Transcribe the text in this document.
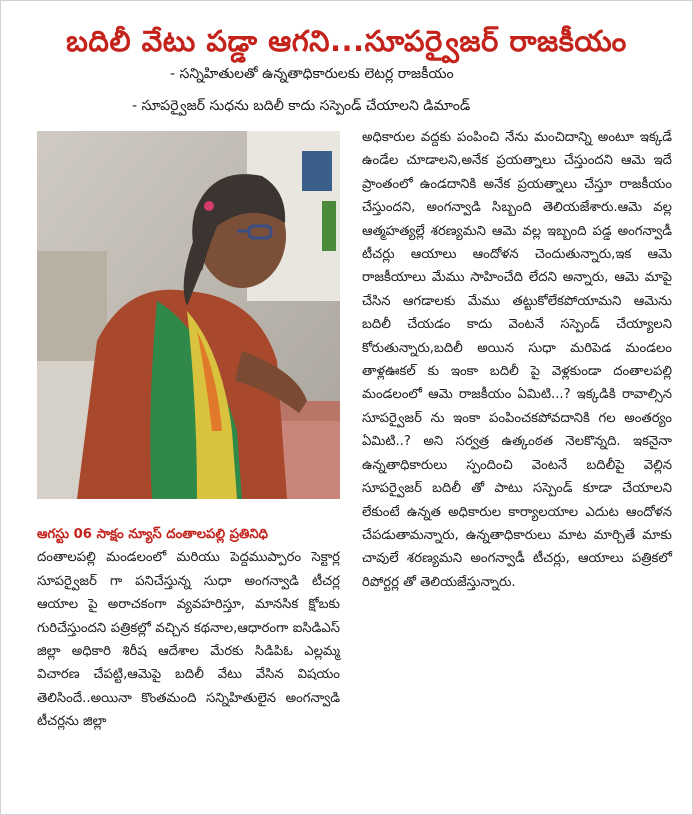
బదిలీ వేటు పడ్డా ఆగని...సూపర్వైజర్ రాజకీయం
- సన్నిహితులతో ఉన్నతాధికారులకు లెటర్ల రాజకీయం
- సూపర్వైజర్ సుధను బదిలీ కాదు సస్పెండ్ చేయాలని డిమాండ్

ఆగస్టు 06 సాక్షం న్యూస్ దంతాలపల్లి ప్రతినిధి
దంతాలపల్లి మండలంలో మరియు పెద్దముప్పారం సెక్టార్ల సూపర్వైజర్ గా పనిచేస్తున్న సుధా అంగన్వాడి టీచర్ల ఆయాల పై అరాచకంగా వ్యవహరిస్తూ, మానసిక క్షోబకు గురిచేస్తుందని పత్రికల్లో వచ్చిన కథనాల,ఆధారంగా ఐసిడిఎస్ జిల్లా అధికారి శిరీష ఆదేశాల మేరకు సిడిపిఓ ఎల్లమ్మ విచారణ చేపట్టి,ఆమెపై బదిలీ వేటు వేసిన విషయం తెలిసిందే..అయినా కొంతమంది సన్నిహితులైన అంగన్వాడి టీచర్లను జిల్లా

అధికారుల వద్దకు పంపించి నేను మంచిదాన్ని అంటూ ఇక్కడే ఉండేల చూడాలని,అనేక ప్రయత్నాలు చేస్తుందని ఆమె ఇదే ప్రాంతంలో ఉండదానికి అనేక ప్రయత్నాలు చేస్తూ రాజకీయం చేస్తుందని, అంగన్వాడి సిబ్బంది తెలియజేశారు.ఆమె వల్ల ఆత్మహత్యల్లే శరణ్యమని ఆమె వల్ల ఇబ్బంది పడ్డ అంగన్వాడీ టీచర్లు ఆయాలు ఆందోళన చెందుతున్నారు,ఇక ఆమె రాజకీయాలు మేము సాహించేది లేదని అన్నారు, ఆమె మాపై చేసిన ఆగడాలకు మేము తట్టుకోలేకపోయామని ఆమెను బదిలీ చేయడం కాదు వెంటనే సస్పెండ్ చేయ్యాలని కోరుతున్నారు,బదిలీ అయిన సుధా మరిపెడ మండలం తాళ్లఊకల్ కు ఇంకా బదిలీ పై వెళ్లకుండా దంతాలపల్లి మండలంలో ఆమె రాజకీయం ఏమిటి...? ఇక్కడికి రావాల్సిన సూపర్వైజర్ ను ఇంకా పంపించకపోవదానికి గల అంతర్యం ఏమిటి..? అని సర్వత్ర ఉత్కంఠత నెలకొన్నది. ఇకనైనా ఉన్నతాధికారులు స్పందించి వెంటనే బదిలీపై వెల్లిన సూపర్వైజర్ బదిలీ తో పాటు సస్పెండ్ కూడా చేయాలని లేకుంటే ఉన్నత అధికారుల కార్యాలయాల ఎదుట ఆందోళన చేపడుతామన్నారు, ఉన్నతాధికారులు మాట మార్చితే మాకు చావులే శరణ్యమని అంగన్వాడీ టీచర్లు, ఆయాలు పత్రికలో రిపోర్టర్ల తో తెలియజేస్తున్నారు.
